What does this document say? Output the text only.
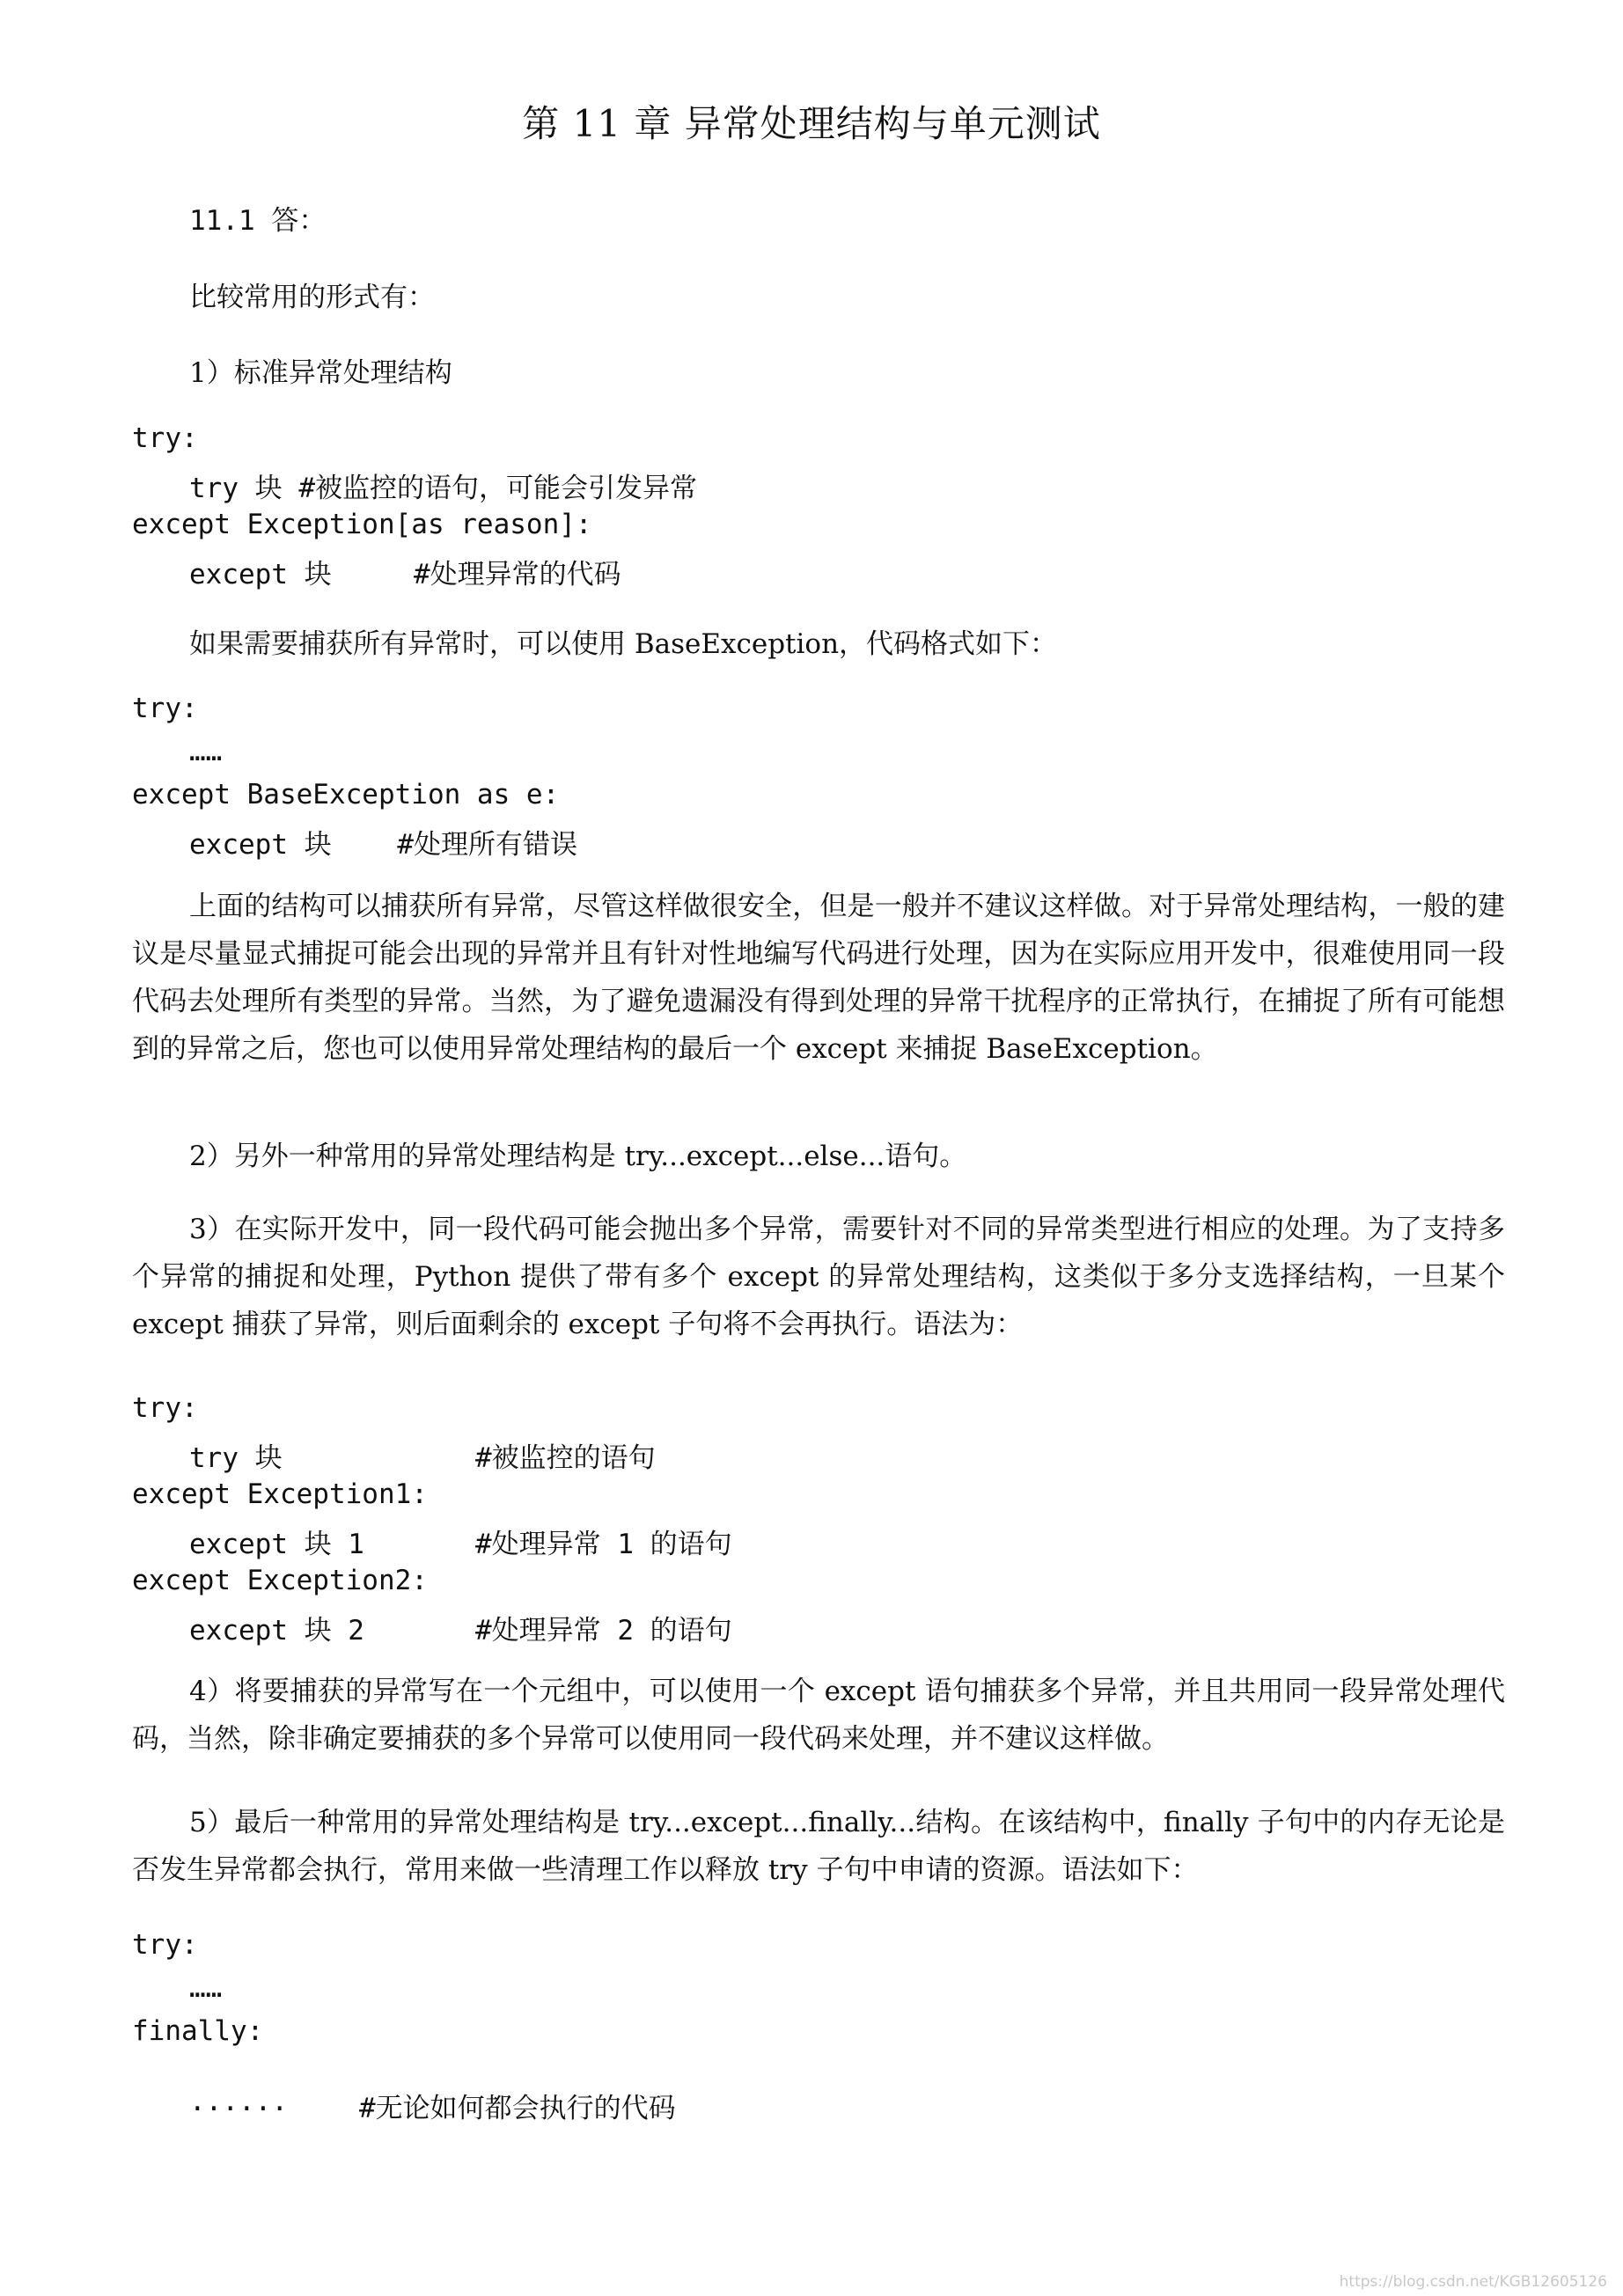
第 11 章 异常处理结构与单元测试
11.1 答：
比较常用的形式有：
1）标准异常处理结构
try:
try 块 #被监控的语句，可能会引发异常
except Exception[as reason]:
except 块     #处理异常的代码
如果需要捕获所有异常时，可以使用 BaseException，代码格式如下：
try:
……
except BaseException as e:
except 块    #处理所有错误
上面的结构可以捕获所有异常，尽管这样做很安全，但是一般并不建议这样做。对于异常处理结构，一般的建议是尽量显式捕捉可能会出现的异常并且有针对性地编写代码进行处理，因为在实际应用开发中，很难使用同一段代码去处理所有类型的异常。当然，为了避免遗漏没有得到处理的异常干扰程序的正常执行，在捕捉了所有可能想到的异常之后，您也可以使用异常处理结构的最后一个 except 来捕捉 BaseException。
2）另外一种常用的异常处理结构是 try...except...else...语句。
3）在实际开发中，同一段代码可能会抛出多个异常，需要针对不同的异常类型进行相应的处理。为了支持多个异常的捕捉和处理，Python 提供了带有多个 except 的异常处理结构，这类似于多分支选择结构，一旦某个 except 捕获了异常，则后面剩余的 except 子句将不会再执行。语法为：
try:
try 块	#被监控的语句
except Exception1:
except 块 1	#处理异常 1 的语句
except Exception2:
except 块 2	#处理异常 2 的语句
4）将要捕获的异常写在一个元组中，可以使用一个 except 语句捕获多个异常，并且共用同一段异常处理代码，当然，除非确定要捕获的多个异常可以使用同一段代码来处理，并不建议这样做。
5）最后一种常用的异常处理结构是 try...except...finally...结构。在该结构中，finally 子句中的内存无论是否发生异常都会执行，常用来做一些清理工作以释放 try 子句中申请的资源。语法如下：
try:
……
finally:
......	#无论如何都会执行的代码
https://blog.csdn.net/KGB12605126
